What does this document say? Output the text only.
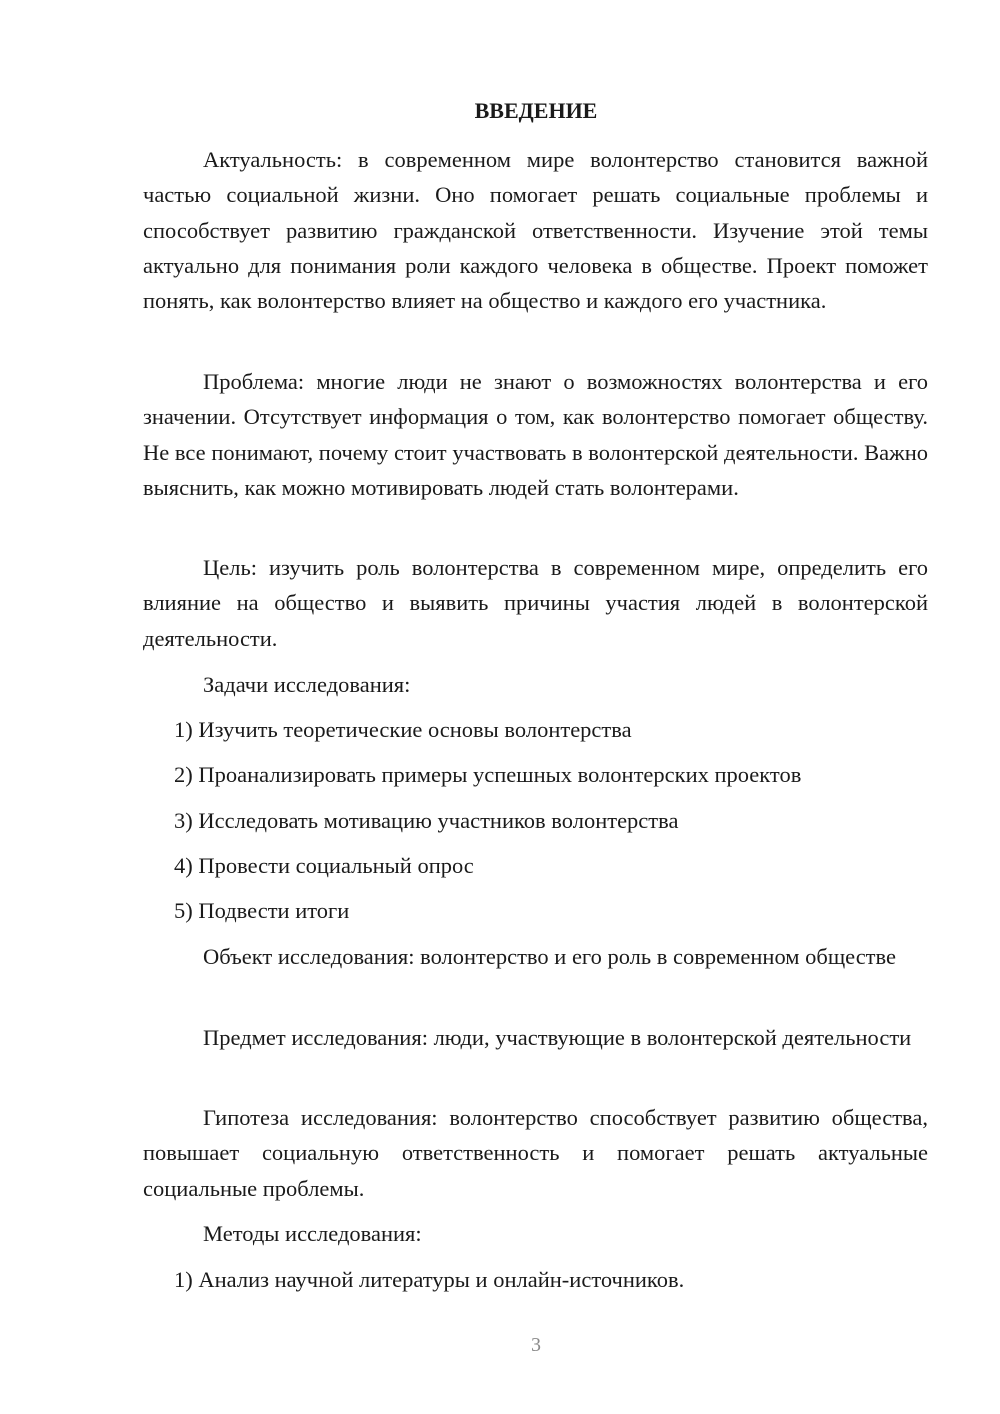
ВВЕДЕНИЕ

Актуальность: в современном мире волонтерство становится важной частью социальной жизни. Оно помогает решать социальные проблемы и способствует развитию гражданской ответственности. Изучение этой темы актуально для понимания роли каждого человека в обществе. Проект поможет понять, как волонтерство влияет на общество и каждого его участника.

Проблема: многие люди не знают о возможностях волонтерства и его значении. Отсутствует информация о том, как волонтерство помогает обществу. Не все понимают, почему стоит участвовать в волонтерской деятельности. Важно выяснить, как можно мотивировать людей стать волонтерами.

Цель: изучить роль волонтерства в современном мире, определить его влияние на общество и выявить причины участия людей в волонтерской деятельности.

Задачи исследования:

1) Изучить теоретические основы волонтерства

2) Проанализировать примеры успешных волонтерских проектов

3) Исследовать мотивацию участников волонтерства

4) Провести социальный опрос

5) Подвести итоги

Объект исследования: волонтерство и его роль в современном обществе

Предмет исследования: люди, участвующие в волонтерской деятельности

Гипотеза исследования: волонтерство способствует развитию общества, повышает социальную ответственность и помогает решать актуальные социальные проблемы.

Методы исследования:

1) Анализ научной литературы и онлайн-источников.

3
